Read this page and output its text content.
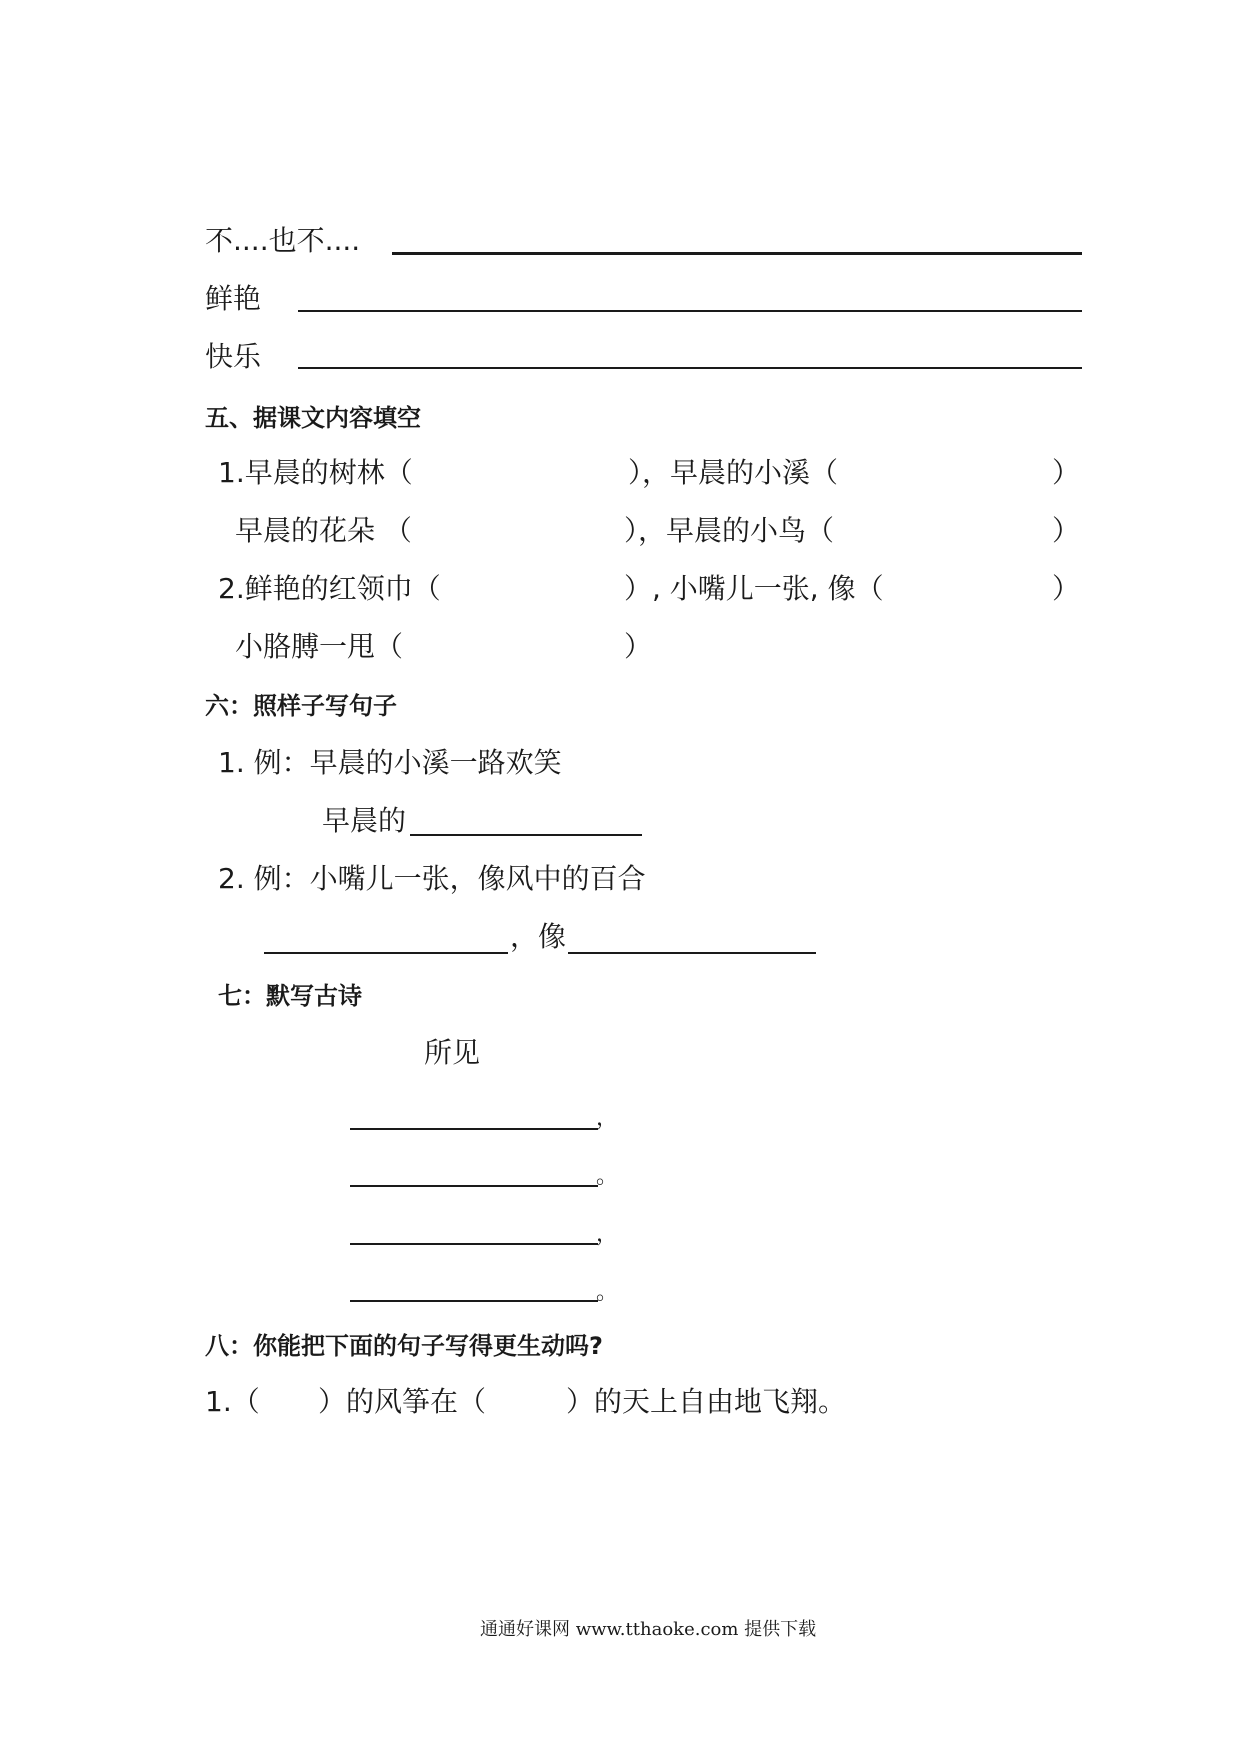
不....也不....
鲜艳
快乐
五、据课文内容填空
1.早晨的树林（	），早晨的小溪（	）
早晨的花朵 （	），早晨的小鸟（	）
2.鲜艳的红领巾（	）, 小嘴儿一张, 像（	）
小胳膊一甩（	）
六：照样子写句子
1. 例：早晨的小溪一路欢笑
早晨的
2. 例：小嘴儿一张，像风中的百合
，像
七：默写古诗
所见
，
。
，
。
八：你能把下面的句子写得更生动吗?
1.（ ）的风筝在（	）的天上自由地飞翔。
通通好课网 www.tthaoke.com 提供下载
